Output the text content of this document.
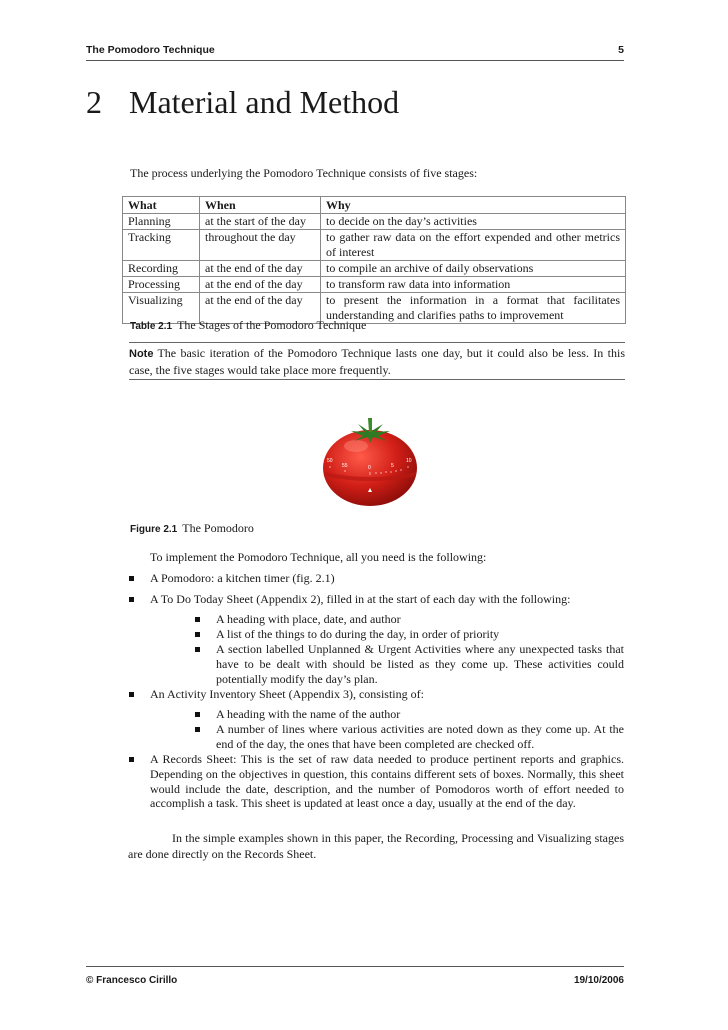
The Pomodoro Technique	5
2 Material and Method
The process underlying the Pomodoro Technique consists of five stages:
What	When	Why
Planning	at the start of the day	to decide on the day’s activities
Tracking	throughout the day	to gather raw data on the effort expended and other metrics of interest
Recording	at the end of the day	to compile an archive of daily observations
Processing	at the end of the day	to transform raw data into information
Visualizing	at the end of the day	to present the information in a format that facilitates understanding and clarifies paths to improvement
Table 2.1 The Stages of the Pomodoro Technique
Note The basic iteration of the Pomodoro Technique lasts one day, but it could also be less. In this case, the five stages would take place more frequently.
50
55	0	5
10
Figure 2.1 The Pomodoro
To implement the Pomodoro Technique, all you need is the following:
A Pomodoro: a kitchen timer (fig. 2.1)
A To Do Today Sheet (Appendix 2), filled in at the start of each day with the following:
A heading with place, date, and author
A list of the things to do during the day, in order of priority
A section labelled Unplanned & Urgent Activities where any unexpected tasks that have to be dealt with should be listed as they come up. These activities could potentially modify the day’s plan.
An Activity Inventory Sheet (Appendix 3), consisting of:
A heading with the name of the author
A number of lines where various activities are noted down as they come up. At the end of the day, the ones that have been completed are checked off.
A Records Sheet: This is the set of raw data needed to produce pertinent reports and graphics. Depending on the objectives in question, this contains different sets of boxes. Normally, this sheet would include the date, description, and the number of Pomodoros worth of effort needed to accomplish a task. This sheet is updated at least once a day, usually at the end of the day.
In the simple examples shown in this paper, the Recording, Processing and Visualizing stages are done directly on the Records Sheet.
© Francesco Cirillo	19/10/2006
